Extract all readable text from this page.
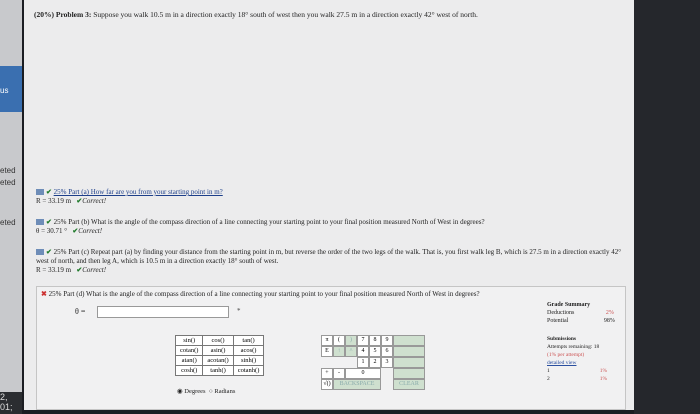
us
eted
eted
eted
2, 01;
(20%) Problem 3: Suppose you walk 10.5 m in a direction exactly 18° south of west then you walk 27.5 m in a direction exactly 42° west of north.
✔ 25% Part (a) How far are you from your starting point in m?
R = 33.19 m ✔Correct!
✔ 25% Part (b) What is the angle of the compass direction of a line connecting your starting point to your final position measured North of West in degrees?
θ = 30.71 ° ✔Correct!
✔ 25% Part (c) Repeat part (a) by finding your distance from the starting point in m, but reverse the order of the two legs of the walk. That is, you first walk leg B, which is 27.5 m in a direction exactly 42° west of north, and then leg A, which is 10.5 m in a direction exactly 18° south of west.
R = 33.19 m ✔Correct!
✖ 25% Part (d) What is the angle of the compass direction of a line connecting your starting point to your final position measured North of West in degrees?
θ =	*
Grade Summary
Deductions	2%
Potential	98%
Submissions
Attempts remaining: 18
(1% per attempt)
detailed view
1	1%
2	1%
sin()	cos()	tan()
cotan()	asin()	acos()
atan()	acotan()	sinh()
cosh()	tanh()	cotanh()
◉ Degrees ○ Radians
π	(	)	7	8	9
E	↑	^	4	5	6
1	2	3
+	-	0
√()	BACKSPACE	CLEAR
